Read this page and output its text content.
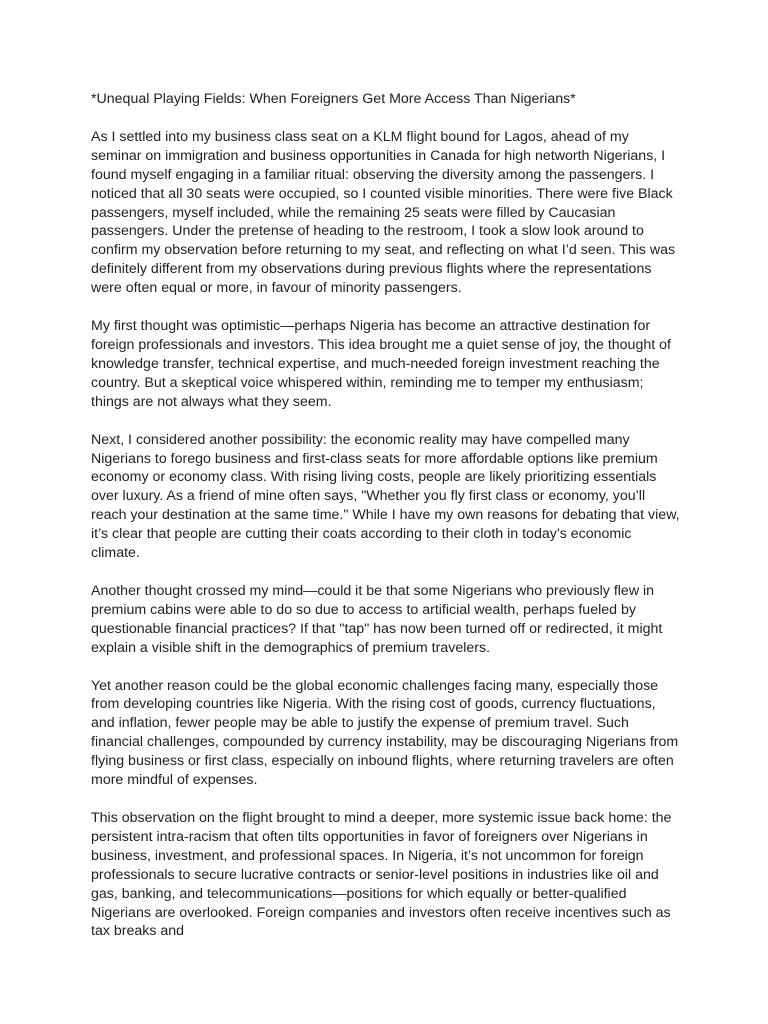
*Unequal Playing Fields: When Foreigners Get More Access Than Nigerians*

As I settled into my business class seat on a KLM flight bound for Lagos, ahead of my seminar on immigration and business opportunities in Canada for high networth Nigerians, I found myself engaging in a familiar ritual: observing the diversity among the passengers. I noticed that all 30 seats were occupied, so I counted visible minorities. There were five Black passengers, myself included, while the remaining 25 seats were filled by Caucasian passengers. Under the pretense of heading to the restroom, I took a slow look around to confirm my observation before returning to my seat, and reflecting on what I’d seen. This was definitely different from my observations during previous flights where the representations were often equal or more, in favour of minority passengers.

My first thought was optimistic—perhaps Nigeria has become an attractive destination for foreign professionals and investors. This idea brought me a quiet sense of joy, the thought of knowledge transfer, technical expertise, and much-needed foreign investment reaching the country. But a skeptical voice whispered within, reminding me to temper my enthusiasm; things are not always what they seem.

Next, I considered another possibility: the economic reality may have compelled many Nigerians to forego business and first-class seats for more affordable options like premium economy or economy class. With rising living costs, people are likely prioritizing essentials over luxury. As a friend of mine often says, "Whether you fly first class or economy, you’ll reach your destination at the same time." While I have my own reasons for debating that view, it’s clear that people are cutting their coats according to their cloth in today’s economic climate.

Another thought crossed my mind—could it be that some Nigerians who previously flew in premium cabins were able to do so due to access to artificial wealth, perhaps fueled by questionable financial practices? If that "tap" has now been turned off or redirected, it might explain a visible shift in the demographics of premium travelers.

Yet another reason could be the global economic challenges facing many, especially those from developing countries like Nigeria. With the rising cost of goods, currency fluctuations, and inflation, fewer people may be able to justify the expense of premium travel. Such financial challenges, compounded by currency instability, may be discouraging Nigerians from flying business or first class, especially on inbound flights, where returning travelers are often more mindful of expenses.

This observation on the flight brought to mind a deeper, more systemic issue back home: the persistent intra-racism that often tilts opportunities in favor of foreigners over Nigerians in business, investment, and professional spaces. In Nigeria, it’s not uncommon for foreign professionals to secure lucrative contracts or senior-level positions in industries like oil and gas, banking, and telecommunications—positions for which equally or better-qualified Nigerians are overlooked. Foreign companies and investors often receive incentives such as tax breaks and
